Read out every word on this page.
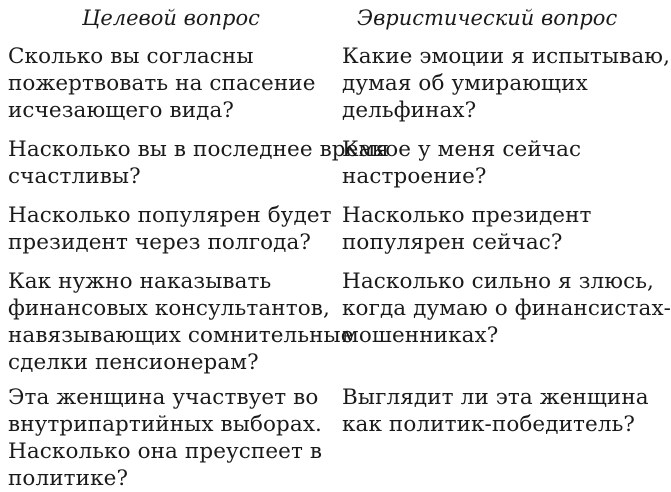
Целевой вопрос	Эвристический вопрос
Сколько вы согласны
пожертвовать на спасение
исчезающего вида?
Какие эмоции я испытываю,
думая об умирающих
дельфинах?
Насколько вы в последнее время
счастливы?
Какое у меня сейчас
настроение?
Насколько популярен будет
президент через полгода?
Насколько президент
популярен сейчас?
Как нужно наказывать
финансовых консультантов,
навязывающих сомнительные
сделки пенсионерам?
Насколько сильно я злюсь,
когда думаю о финансистах-
мошенниках?
Эта женщина участвует во
внутрипартийных выборах.
Насколько она преуспеет в
политике?
Выглядит ли эта женщина
как политик-победитель?
